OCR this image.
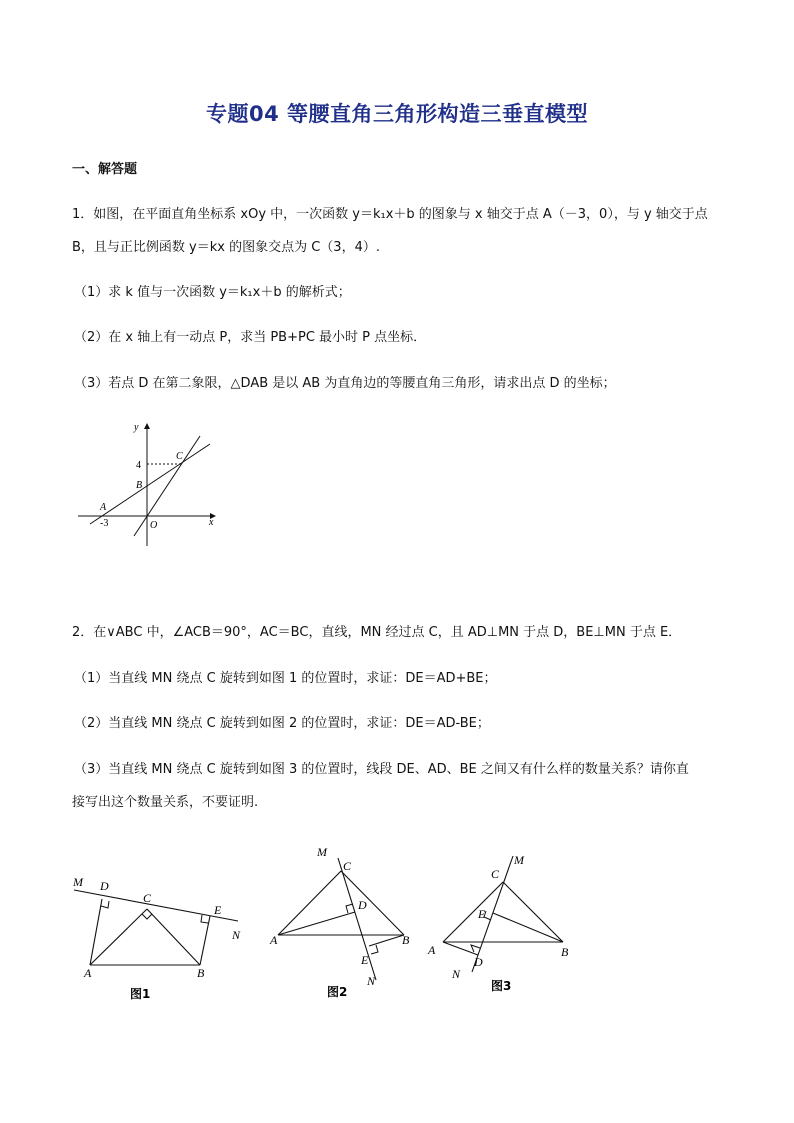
专题04 等腰直角三角形构造三垂直模型
一、解答题
1．如图，在平面直角坐标系 xOy 中，一次函数 y＝k₁x＋b 的图象与 x 轴交于点 A（－3，0），与 y 轴交于点
B，且与正比例函数 y＝kx 的图象交点为 C（3，4）.
（1）求 k 值与一次函数 y＝k₁x＋b 的解析式；
（2）在 x 轴上有一动点 P，求当 PB+PC 最小时 P 点坐标．
（3）若点 D 在第二象限，△DAB 是以 AB 为直角边的等腰直角三角形，请求出点 D 的坐标；
y
x
O
A
B
C
4
-3
2．在∨ABC 中，∠ACB＝90°，AC＝BC，直线，MN 经过点 C，且 AD⊥MN 于点 D，BE⊥MN 于点 E．
（1）当直线 MN 绕点 C 旋转到如图 1 的位置时，求证：DE＝AD+BE；
（2）当直线 MN 绕点 C 旋转到如图 2 的位置时，求证：DE＝AD-BE；
（3）当直线 MN 绕点 C 旋转到如图 3 的位置时，线段 DE、AD、BE 之间又有什么样的数量关系？请你直
接写出这个数量关系，不要证明.
M D
C
E
N
A	B
图1
M
C
D
A	B
E
N
图2
C
M
E
A	B
N
D
图3
